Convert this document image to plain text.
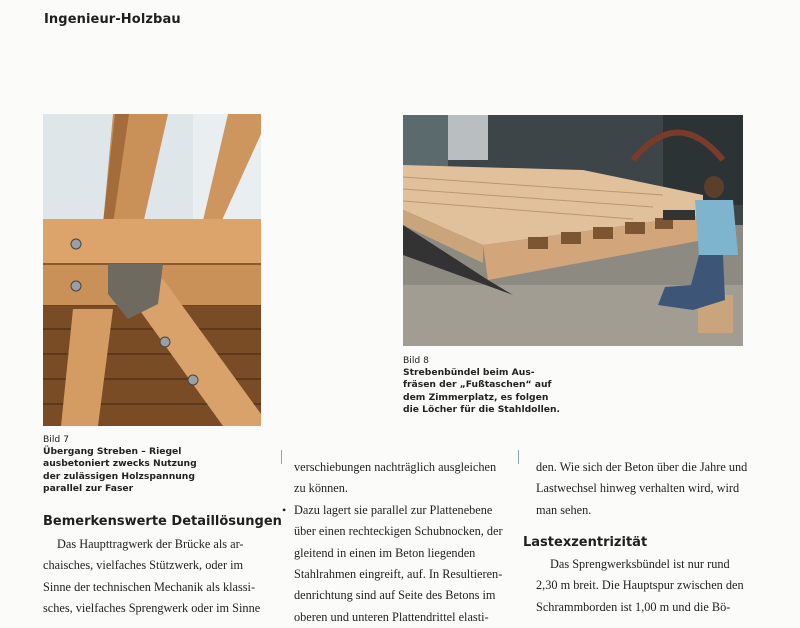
Ingenieur-Holzbau
Bild 7
Übergang Streben – Riegel
ausbetoniert zwecks Nutzung
der zulässigen Holzspannung
parallel zur Faser
Bild 8
Strebenbündel beim Aus-
fräsen der „Fußtaschen“ auf
dem Zimmerplatz, es folgen
die Löcher für die Stahldollen.
Bemerkenswerte Detaillösungen

Das Haupttragwerk der Brücke als ar-

chaisches, vielfaches Stützwerk, oder im

Sinne der technischen Mechanik als klassi-

sches, vielfaches Sprengwerk oder im Sinne

verschiebungen nachträglich ausgleichen

zu können.

• Dazu lagert sie parallel zur Plattenebene

über einen rechteckigen Schubnocken, der

gleitend in einen im Beton liegenden

Stahlrahmen eingreift, auf. In Resultieren-

denrichtung sind auf Seite des Betons im

oberen und unteren Plattendrittel elasti-

den. Wie sich der Beton über die Jahre und

Lastwechsel hinweg verhalten wird, wird

man sehen.

Lastexzentrizität

Das Sprengwerksbündel ist nur rund

2,30 m breit. Die Hauptspur zwischen den

Schrammborden ist 1,00 m und die Bö-
